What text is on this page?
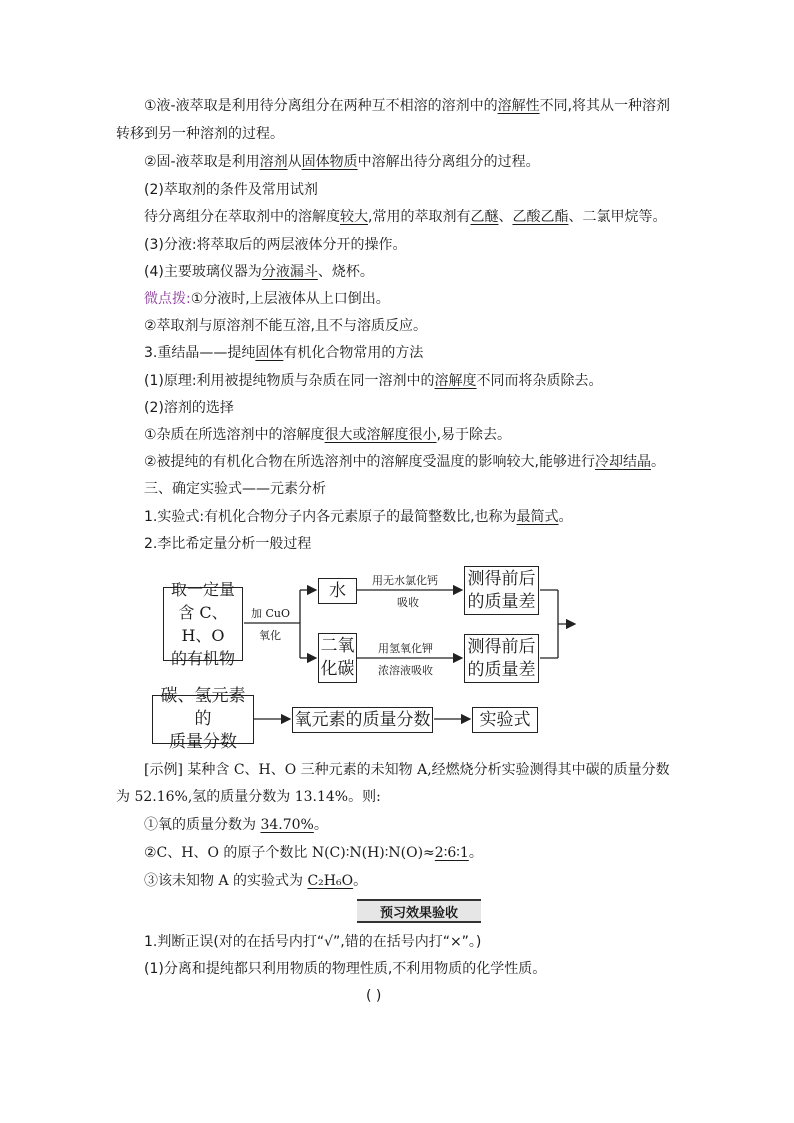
①液-液萃取是利用待分离组分在两种互不相溶的溶剂中的溶解性不同,将其从一种溶剂
转移到另一种溶剂的过程。
②固-液萃取是利用溶剂从固体物质中溶解出待分离组分的过程。
(2)萃取剂的条件及常用试剂
待分离组分在萃取剂中的溶解度较大,常用的萃取剂有乙醚、乙酸乙酯、二氯甲烷等。
(3)分液:将萃取后的两层液体分开的操作。
(4)主要玻璃仪器为分液漏斗、烧杯。
微点拨:①分液时,上层液体从上口倒出。
②萃取剂与原溶剂不能互溶,且不与溶质反应。
3.重结晶——提纯固体有机化合物常用的方法
(1)原理:利用被提纯物质与杂质在同一溶剂中的溶解度不同而将杂质除去。
(2)溶剂的选择
①杂质在所选溶剂中的溶解度很大或溶解度很小,易于除去。
②被提纯的有机化合物在所选溶剂中的溶解度受温度的影响较大,能够进行冷却结晶。
三、确定实验式——元素分析
1.实验式:有机化合物分子内各元素原子的最简整数比,也称为最简式。
2.李比希定量分析一般过程
取一定量
含 C、H、O
的有机物
加 CuO
氧化
水	用无水氯化钙
吸收
测得前后
的质量差
二氧
化碳
用氢氧化钾
浓溶液吸收
测得前后
的质量差
碳、氢元素的
质量分数
氧元素的质量分数	实验式
[示例] 某种含 C、H、O 三种元素的未知物 A,经燃烧分析实验测得其中碳的质量分数
为 52.16%,氢的质量分数为 13.14%。则:
①氧的质量分数为 34.70%。
②C、H、O 的原子个数比 N(C)∶N(H)∶N(O)≈2∶6∶1。
③该未知物 A 的实验式为 C₂H₆O。
预习效果验收
1.判断正误(对的在括号内打“√”,错的在括号内打“×”。)
(1)分离和提纯都只利用物质的物理性质,不利用物质的化学性质。
( )
